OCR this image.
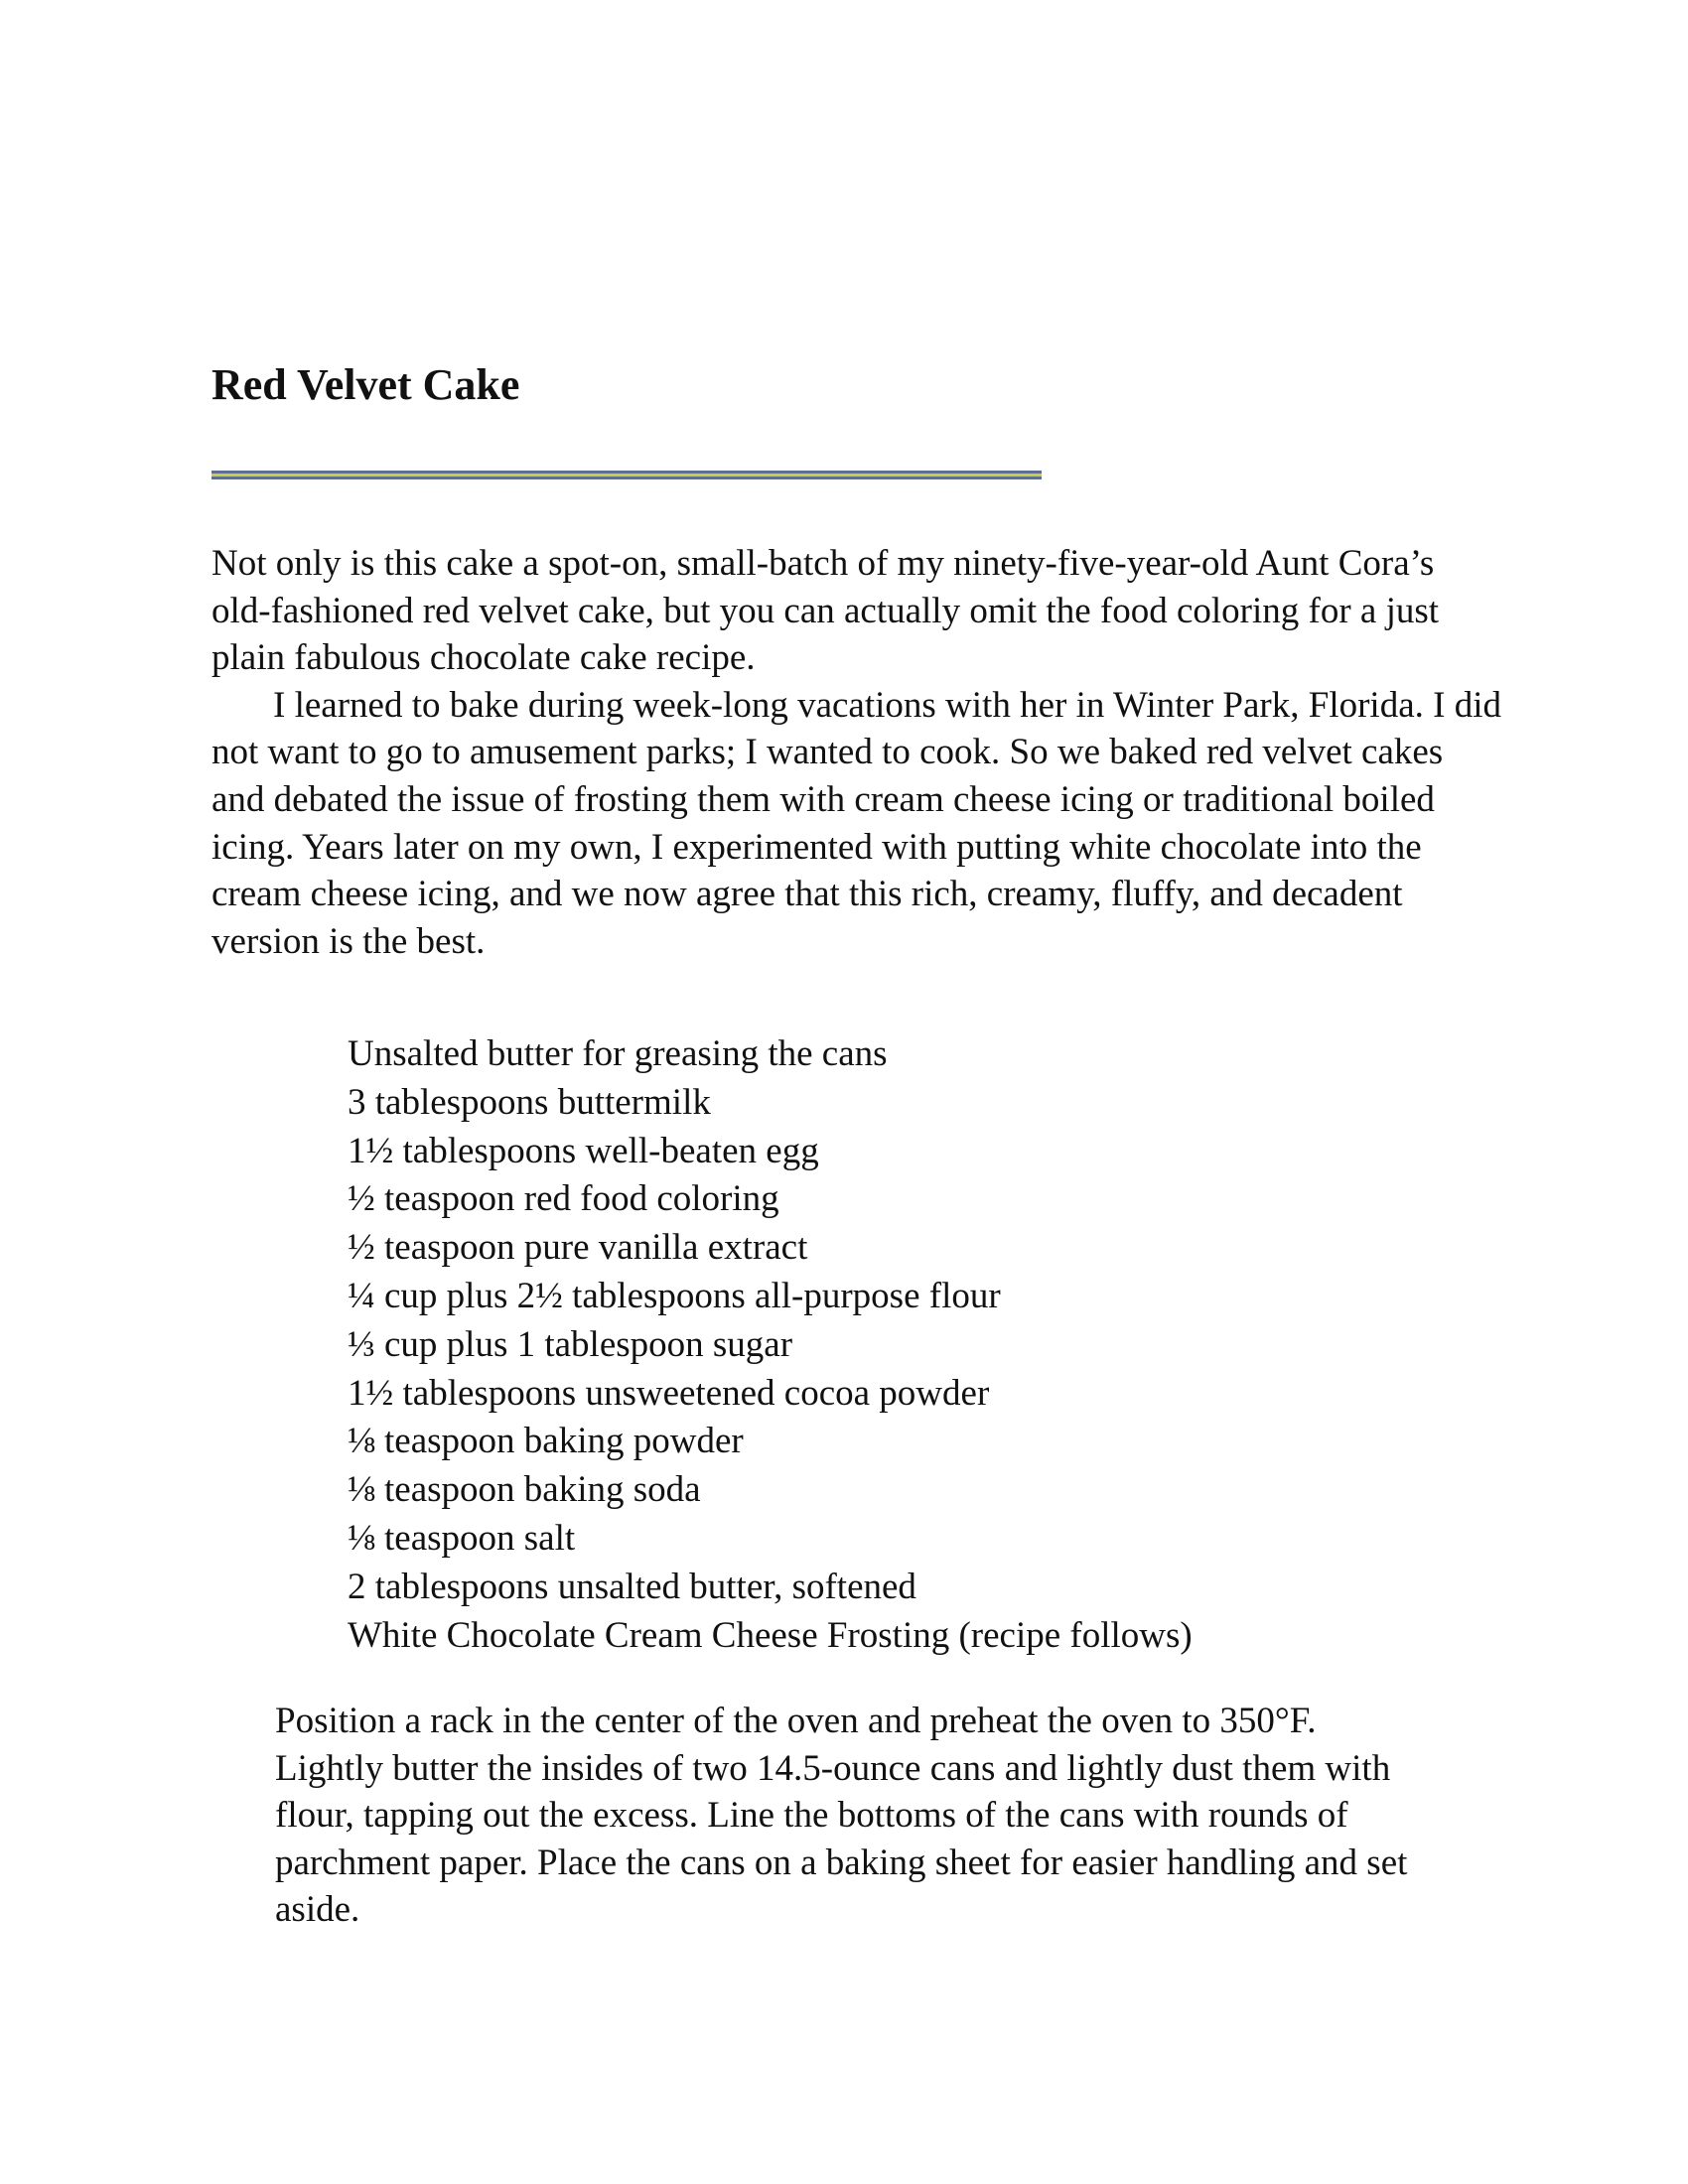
Red Velvet Cake

Not only is this cake a spot-on, small-batch of my ninety-five-year-old Aunt Cora’s old-fashioned red velvet cake, but you can actually omit the food coloring for a just plain fabulous chocolate cake recipe.

I learned to bake during week-long vacations with her in Winter Park, Florida. I did not want to go to amusement parks; I wanted to cook. So we baked red velvet cakes and debated the issue of frosting them with cream cheese icing or traditional boiled icing. Years later on my own, I experimented with putting white chocolate into the cream cheese icing, and we now agree that this rich, creamy, fluffy, and decadent version is the best.

Unsalted butter for greasing the cans
3 tablespoons buttermilk
1½ tablespoons well-beaten egg
½ teaspoon red food coloring
½ teaspoon pure vanilla extract
¼ cup plus 2½ tablespoons all-purpose flour
⅓ cup plus 1 tablespoon sugar
1½ tablespoons unsweetened cocoa powder
⅛ teaspoon baking powder
⅛ teaspoon baking soda
⅛ teaspoon salt
2 tablespoons unsalted butter, softened
White Chocolate Cream Cheese Frosting (recipe follows)

Position a rack in the center of the oven and preheat the oven to 350°F. Lightly butter the insides of two 14.5-ounce cans and lightly dust them with flour, tapping out the excess. Line the bottoms of the cans with rounds of parchment paper. Place the cans on a baking sheet for easier handling and set aside.
